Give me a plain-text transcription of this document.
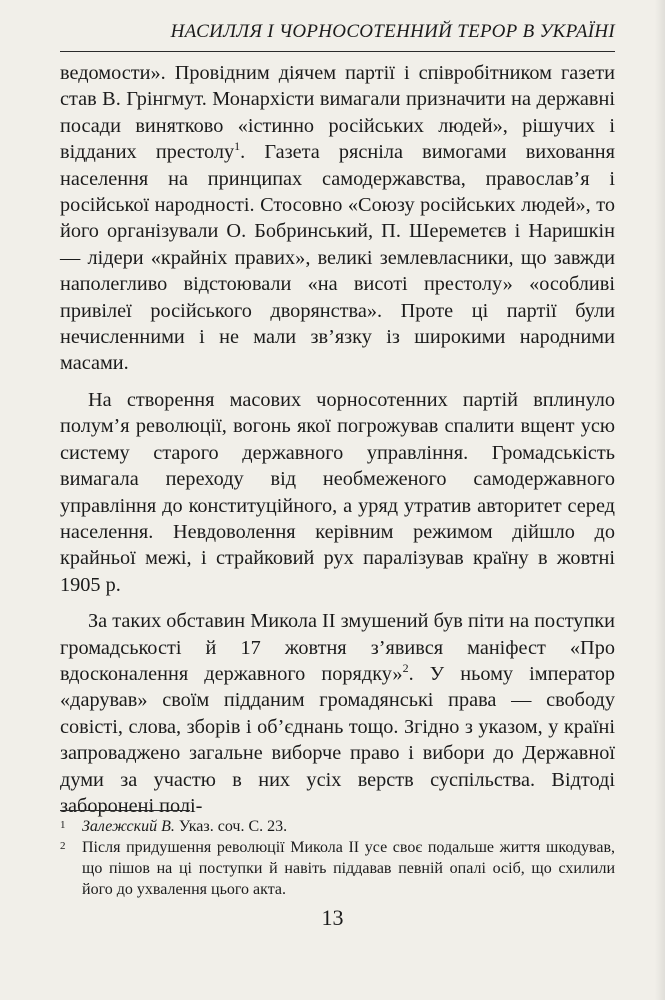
НАСИЛЛЯ І ЧОРНОСОТЕННИЙ ТЕРОР В УКРАЇНІ

ведомости». Провідним діячем партії і співробітником газети став В. Грінгмут. Монархісти вимагали призначити на державні посади винятково «істинно російських людей», рішучих і відданих престолу$^1$. Газета рясніла вимогами виховання населення на принципах самодержавства, православ’я і російської народності. Стосовно «Союзу російських людей», то його організували О. Бобринський, П. Шереметєв і Наришкін — лідери «крайніх правих», великі землевласники, що завжди наполегливо відстоювали «на висоті престолу» «особливі привілеї російського дворянства». Проте ці партії були нечисленними і не мали зв’язку із широкими народними масами.

На створення масових чорносотенних партій вплинуло полум’я революції, вогонь якої погрожував спалити вщент усю систему старого державного управління. Громадськість вимагала переходу від необмеженого самодержавного управління до конституційного, а уряд утратив авторитет серед населення. Невдоволення керівним режимом дійшло до крайньої межі, і страйковий рух паралізував країну в жовтні 1905 р.

За таких обставин Микола II змушений був піти на поступки громадськості й 17 жовтня з’явився маніфест «Про вдосконалення державного порядку»$^2$. У ньому імператор «дарував» своїм підданим громадянські права — свободу совісті, слова, зборів і об’єднань тощо. Згідно з указом, у країні запроваджено загальне виборче право і вибори до Державної думи за участю в них усіх верств суспільства. Відтоді заборонені полі-

1 Залежский В. Указ. соч. С. 23.

2 Після придушення революції Микола II усе своє подальше життя шкодував, що пішов на ці поступки й навіть піддавав певній опалі осіб, що схилили його до ухвалення цього акта.

13
